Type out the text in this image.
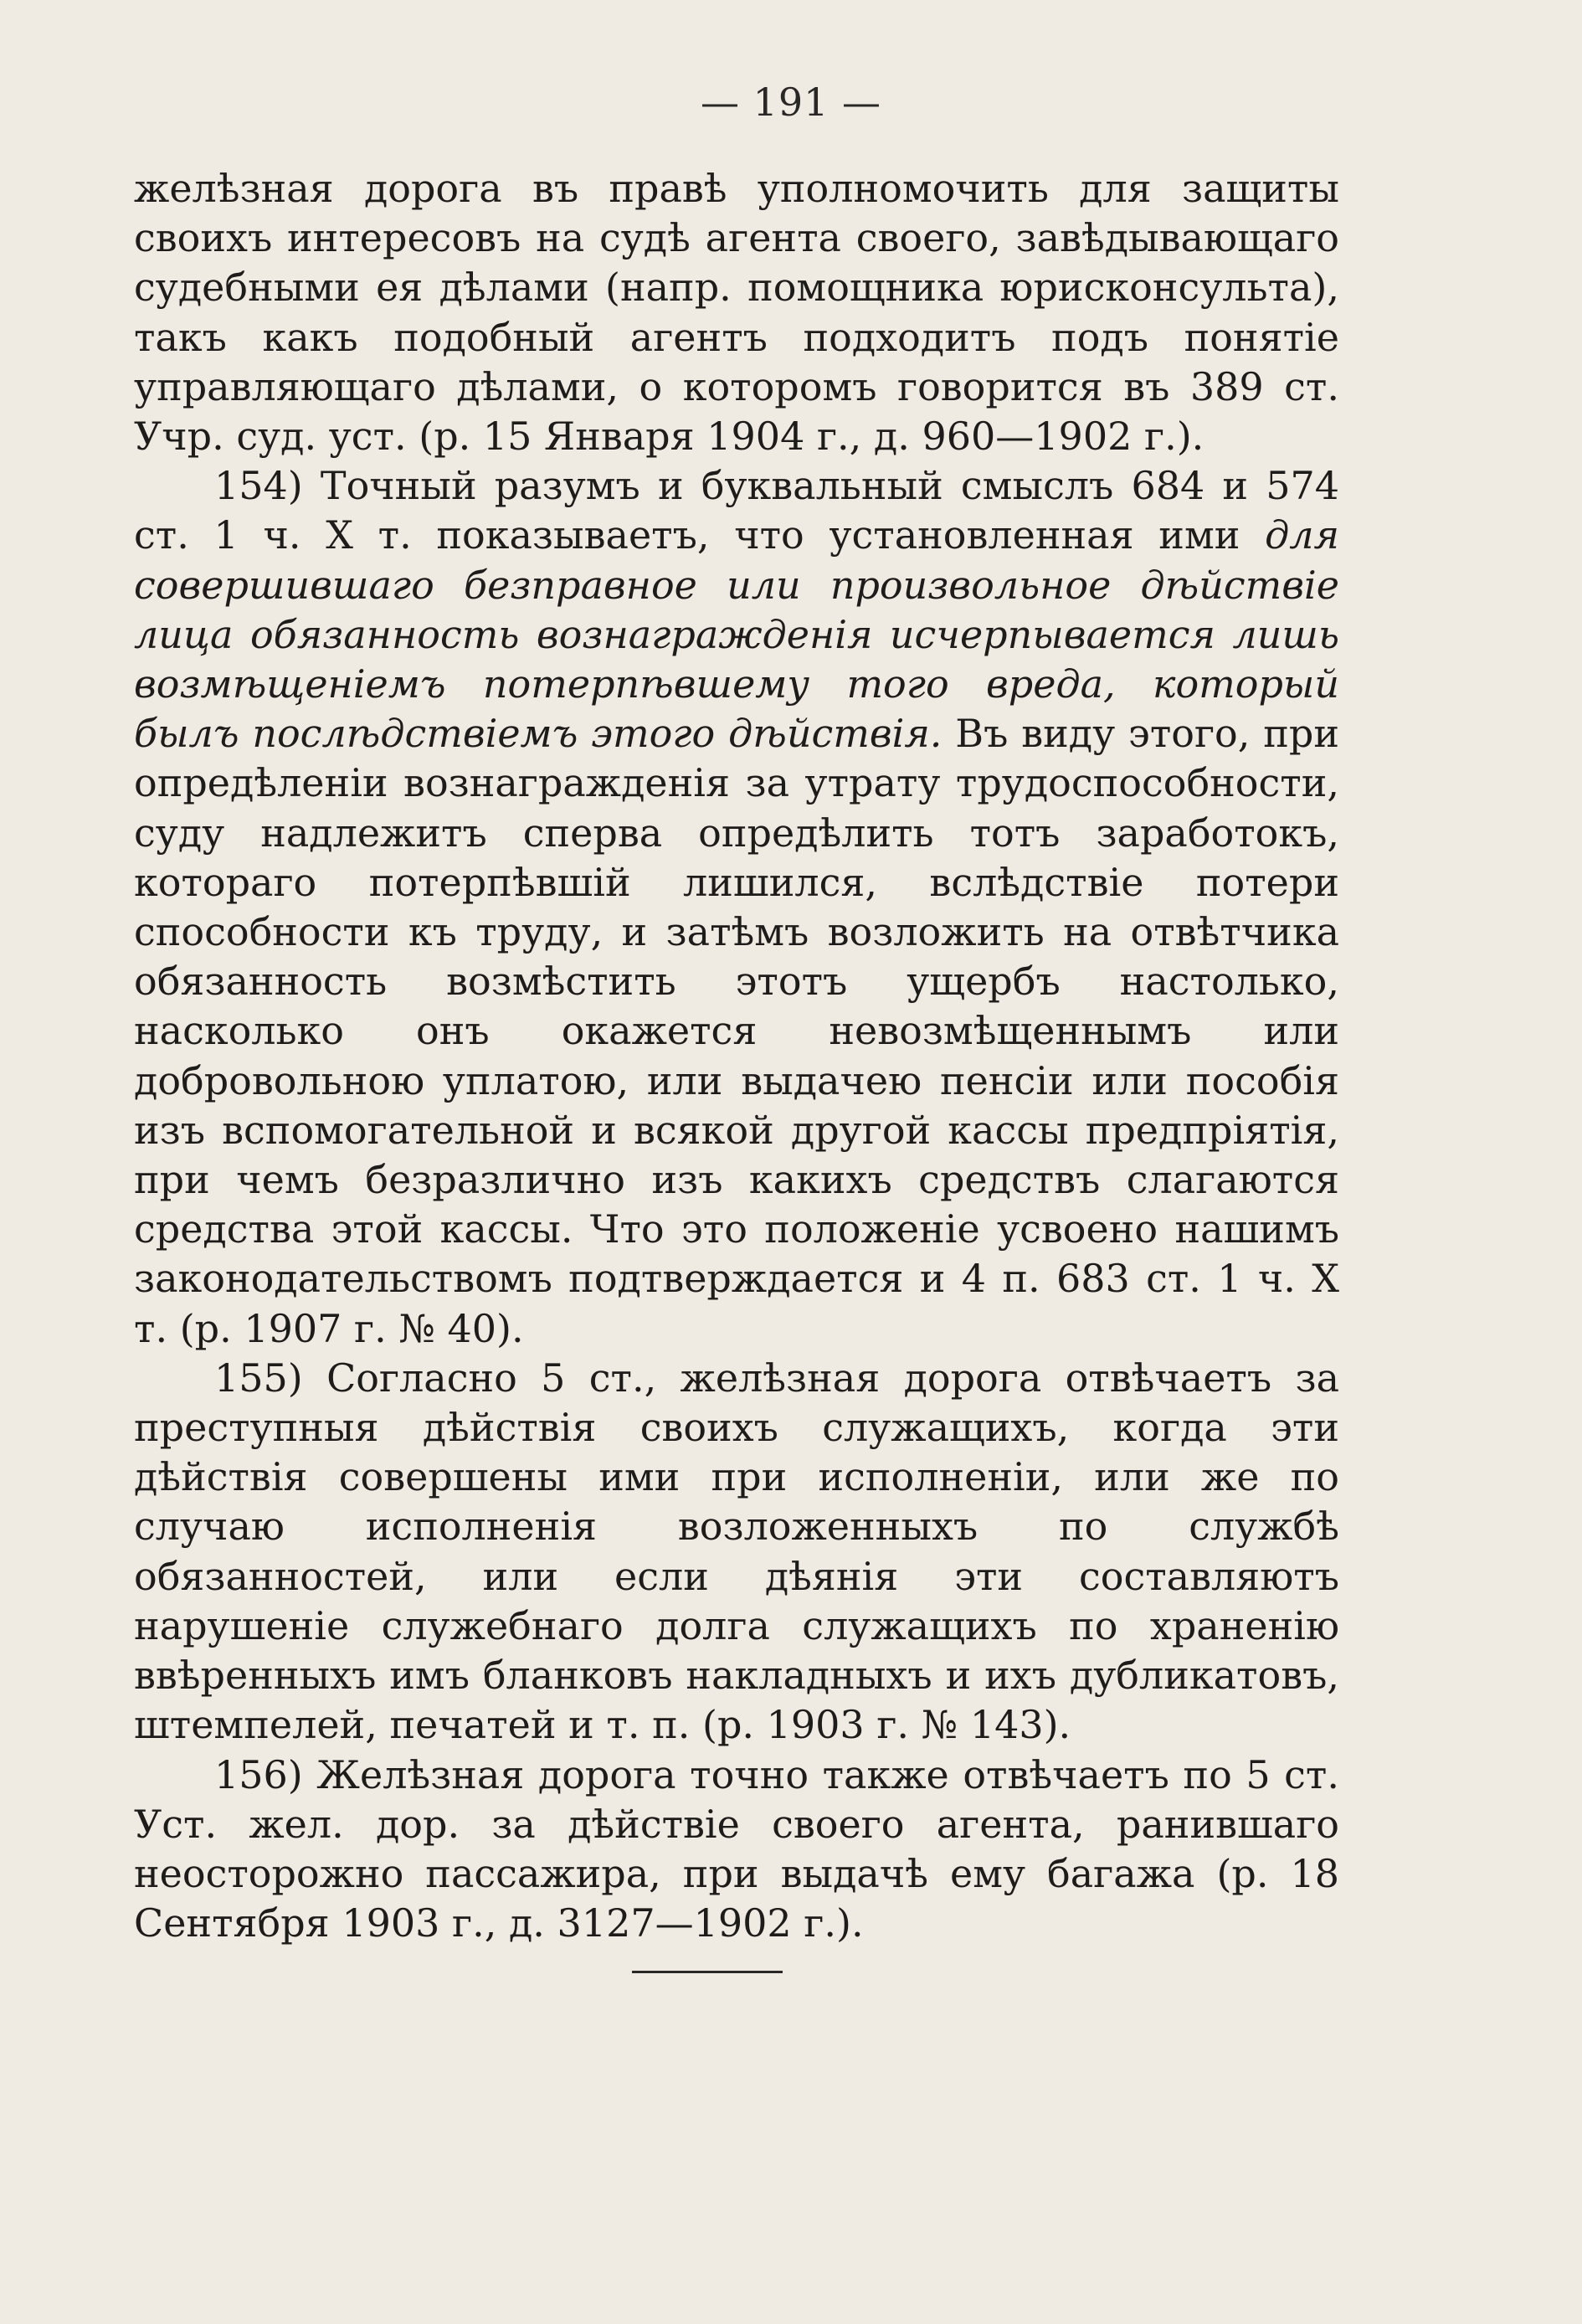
— 191 —

желѣзная дорога въ правѣ уполномочить для защиты своихъ интересовъ на судѣ агента своего, завѣдывающаго судебными ея дѣлами (напр. помощника юрисконсульта), такъ какъ подобный агентъ подходитъ подъ понятіе управляющаго дѣлами, о которомъ говорится въ 389 ст. Учр. суд. уст. (р. 15 Января 1904 г., д. 960—1902 г.).

154) Точный разумъ и буквальный смыслъ 684 и 574 ст. 1 ч. X т. показываетъ, что установленная ими для совершившаго безправное или произвольное дѣйствіе лица обязанность вознагражденія исчерпывается лишь возмѣщеніемъ потерпѣвшему того вреда, который былъ послѣдствіемъ этого дѣйствія. Въ виду этого, при опредѣленіи вознагражденія за утрату трудоспособности, суду надлежитъ сперва опредѣлить тотъ заработокъ, котораго потерпѣвшій лишился, вслѣдствіе потери способности къ труду, и затѣмъ возложить на отвѣтчика обязанность возмѣстить этотъ ущербъ настолько, насколько онъ окажется невозмѣщеннымъ или добровольною уплатою, или выдачею пенсіи или пособія изъ вспомогательной и всякой другой кассы предпріятія, при чемъ безразлично изъ какихъ средствъ слагаются средства этой кассы. Что это положеніе усвоено нашимъ законодательствомъ подтверждается и 4 п. 683 ст. 1 ч. X т. (р. 1907 г. № 40).

155) Согласно 5 ст., желѣзная дорога отвѣчаетъ за преступныя дѣйствія своихъ служащихъ, когда эти дѣйствія совершены ими при исполненіи, или же по случаю исполненія возложенныхъ по службѣ обязанностей, или если дѣянія эти составляютъ нарушеніе служебнаго долга служащихъ по храненію ввѣренныхъ имъ бланковъ накладныхъ и ихъ дубликатовъ, штемпелей, печатей и т. п. (р. 1903 г. № 143).

156) Желѣзная дорога точно также отвѣчаетъ по 5 ст. Уст. жел. дор. за дѣйствіе своего агента, ранившаго неосторожно пассажира, при выдачѣ ему багажа (р. 18 Сентября 1903 г., д. 3127—1902 г.).
